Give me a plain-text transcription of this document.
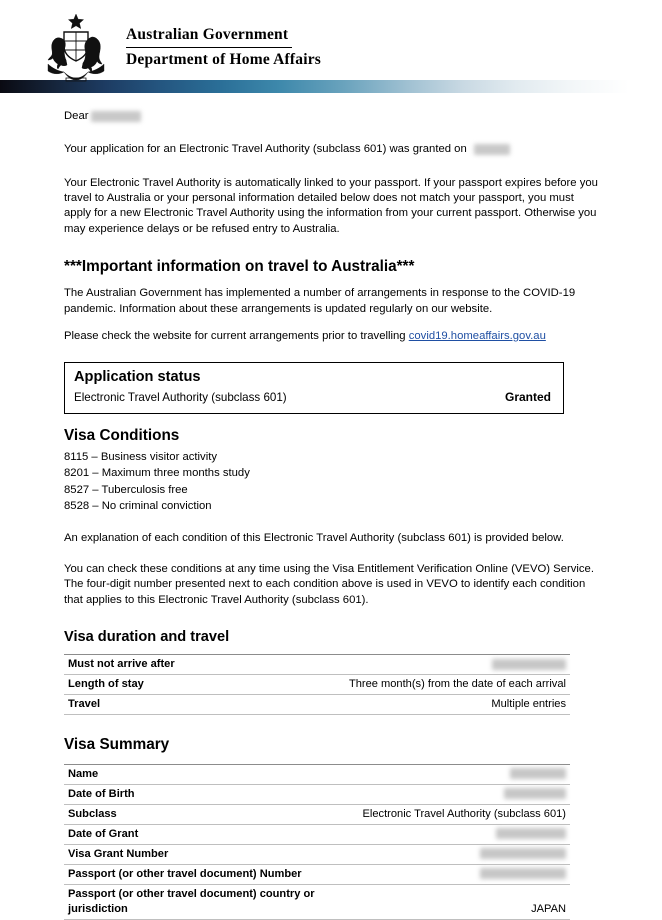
Australian Government
Department of Home Affairs

Dear

Your application for an Electronic Travel Authority (subclass 601) was granted on

Your Electronic Travel Authority is automatically linked to your passport. If your passport expires before you travel to Australia or your personal information detailed below does not match your passport, you must apply for a new Electronic Travel Authority using the information from your current passport. Otherwise you may experience delays or be refused entry to Australia.

***Important information on travel to Australia***

The Australian Government has implemented a number of arrangements in response to the COVID-19 pandemic. Information about these arrangements is updated regularly on our website.

Please check the website for current arrangements prior to travelling covid19.homeaffairs.gov.au

Application status
Electronic Travel Authority (subclass 601)	Granted
Visa Conditions
8115 – Business visitor activity
8201 – Maximum three months study
8527 – Tuberculosis free
8528 – No criminal conviction

An explanation of each condition of this Electronic Travel Authority (subclass 601) is provided below.

You can check these conditions at any time using the Visa Entitlement Verification Online (VEVO) Service. The four-digit number presented next to each condition above is used in VEVO to identify each condition that applies to this Electronic Travel Authority (subclass 601).

Visa duration and travel
Must not arrive after	
Length of stay	Three month(s) from the date of each arrival
Travel	Multiple entries
Visa Summary
Name	
Date of Birth	
Subclass	Electronic Travel Authority (subclass 601)
Date of Grant	
Visa Grant Number	
Passport (or other travel document) Number	
Passport (or other travel document) country or jurisdiction	JAPAN
